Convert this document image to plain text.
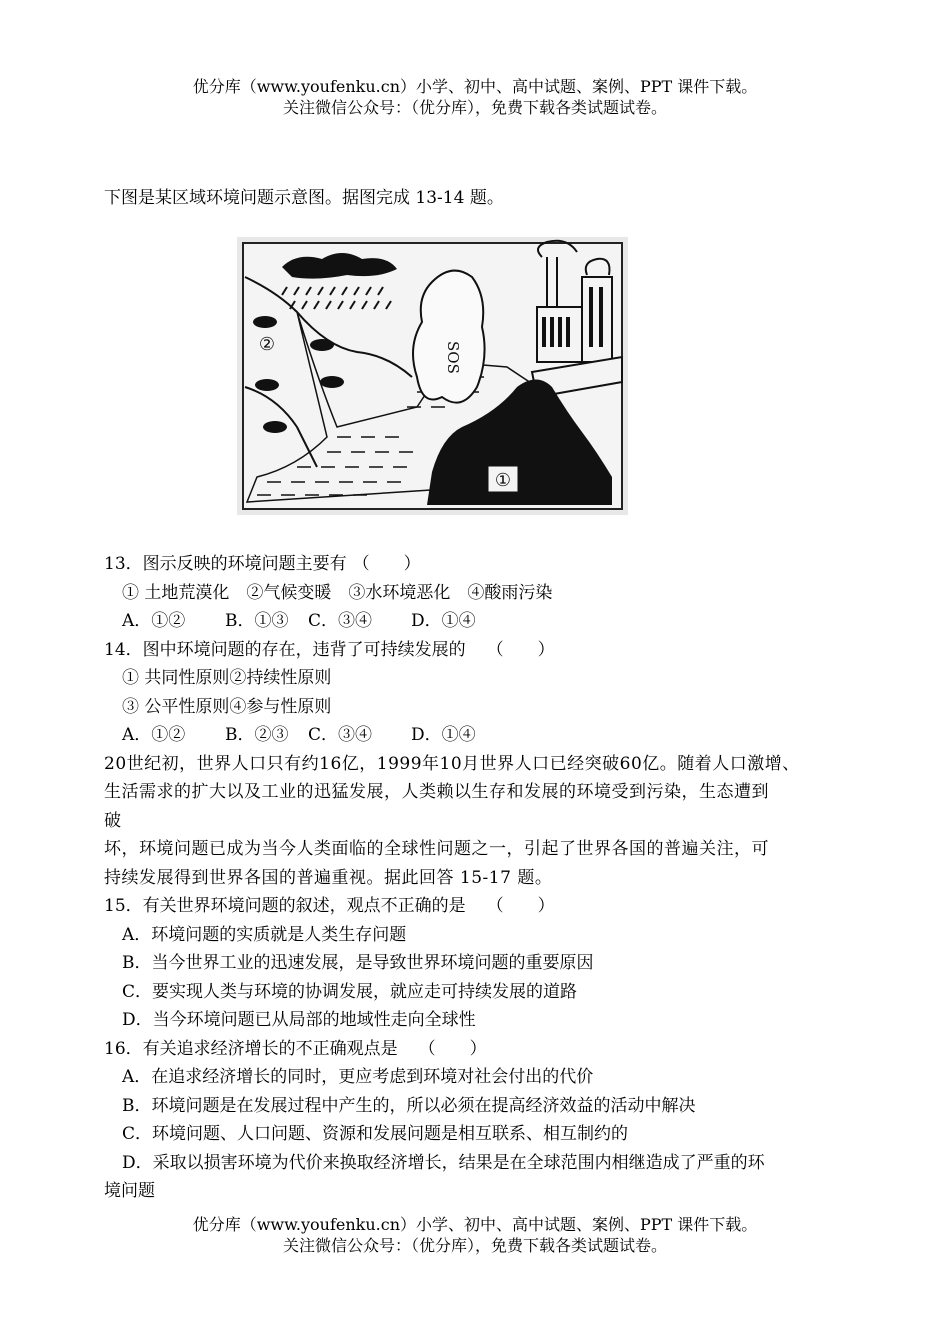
优分库（www.youfenku.cn）小学、初中、高中试题、案例、PPT 课件下载。
关注微信公众号：（优分库），免费下载各类试题试卷。
下图是某区域环境问题示意图。据图完成 13-14 题。
SOS
①
②
13．图示反映的环境问题主要有 （　　）
① 土地荒漠化　②气候变暖　③水环境恶化　④酸雨污染
A．①② B．①③ C．③④ D．①④
14．图中环境问题的存在，违背了可持续发展的 （　　）
① 共同性原则②持续性原则
③ 公平性原则④参与性原则
A．①② B．②③ C．③④ D．①④
20世纪初，世界人口只有约16亿，1999年10月世界人口已经突破60亿。随着人口激增、
生活需求的扩大以及工业的迅猛发展，人类赖以生存和发展的环境受到污染，生态遭到
破
坏，环境问题已成为当今人类面临的全球性问题之一，引起了世界各国的普遍关注，可
持续发展得到世界各国的普遍重视。据此回答 15-17 题。
15．有关世界环境问题的叙述，观点不正确的是 （　　）
A．环境问题的实质就是人类生存问题
B．当今世界工业的迅速发展，是导致世界环境问题的重要原因
C．要实现人类与环境的协调发展，就应走可持续发展的道路
D．当今环境问题已从局部的地域性走向全球性
16．有关追求经济增长的不正确观点是 （　　）
A．在追求经济增长的同时，更应考虑到环境对社会付出的代价
B．环境问题是在发展过程中产生的，所以必须在提高经济效益的活动中解决
C．环境问题、人口问题、资源和发展问题是相互联系、相互制约的
D．采取以损害环境为代价来换取经济增长，结果是在全球范围内相继造成了严重的环
境问题
优分库（www.youfenku.cn）小学、初中、高中试题、案例、PPT 课件下载。
关注微信公众号：（优分库），免费下载各类试题试卷。
